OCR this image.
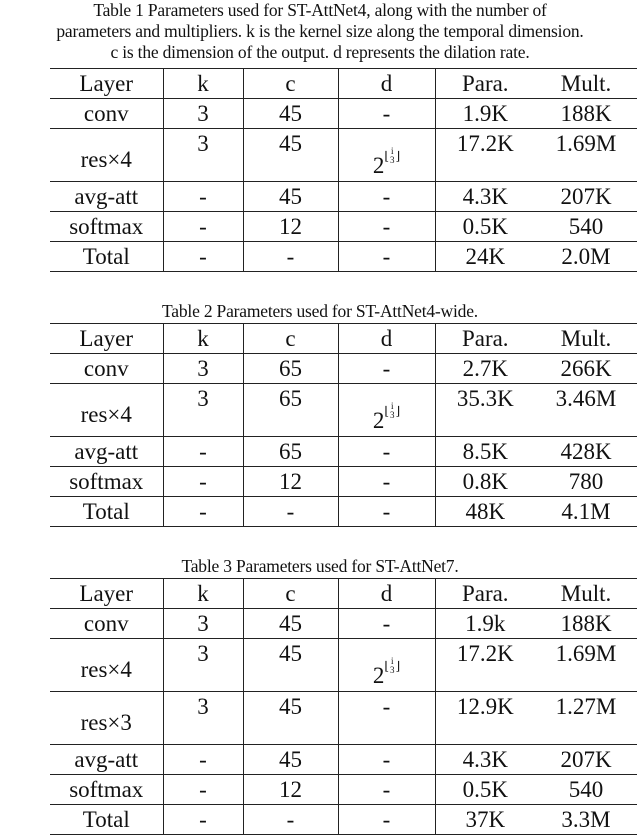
Table 1 Parameters used for ST-AttNet4, along with the number of
parameters and multipliers. k is the kernel size along the temporal dimension.
c is the dimension of the output. d represents the dilation rate.
Layer	k	c	d	Para.	Mult.
conv	3	45	-	1.9K	188K
res×4	3	45	$2^{⌊ i 3 ⌋}$	17.2K	1.69M
avg-att	-	45	-	4.3K	207K
softmax	-	12	-	0.5K	540
Total	-	-	-	24K	2.0M
Table 2 Parameters used for ST-AttNet4-wide.
Layer	k	c	d	Para.	Mult.
conv	3	65	-	2.7K	266K
res×4	3	65	$2^{⌊ i 3 ⌋}$	35.3K	3.46M
avg-att	-	65	-	8.5K	428K
softmax	-	12	-	0.8K	780
Total	-	-	-	48K	4.1M
Table 3 Parameters used for ST-AttNet7.
Layer	k	c	d	Para.	Mult.
conv	3	45	-	1.9k	188K
res×4	3	45	$2^{⌊ i 3 ⌋}$	17.2K	1.69M
res×3	3	45	-	12.9K	1.27M
avg-att	-	45	-	4.3K	207K
softmax	-	12	-	0.5K	540
Total	-	-	-	37K	3.3M
